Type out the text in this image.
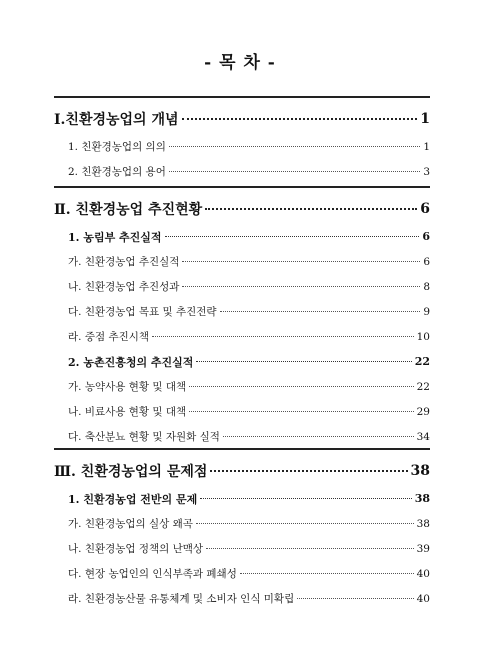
- 목 차 -
Ⅰ.친환경농업의 개념	1
1. 친환경농업의 의의	1
2. 친환경농업의 용어	3
Ⅱ. 친환경농업 추진현황	6
1. 농림부 추진실적	6
가. 친환경농업 추진실적	6
나. 친환경농업 추진성과	8
다. 친환경농업 목표 및 추진전략	9
라. 중점 추진시책	10
2. 농촌진흥청의 추진실적	22
가. 농약사용 현황 및 대책	22
나. 비료사용 현황 및 대책	29
다. 축산분뇨 현황 및 자원화 실적	34
Ⅲ. 친환경농업의 문제점	38
1. 친환경농업 전반의 문제	38
가. 친환경농업의 실상 왜곡	38
나. 친환경농업 정책의 난맥상	39
다. 현장 농업인의 인식부족과 폐쇄성	40
라. 친환경농산물 유통체계 및 소비자 인식 미확립	40
